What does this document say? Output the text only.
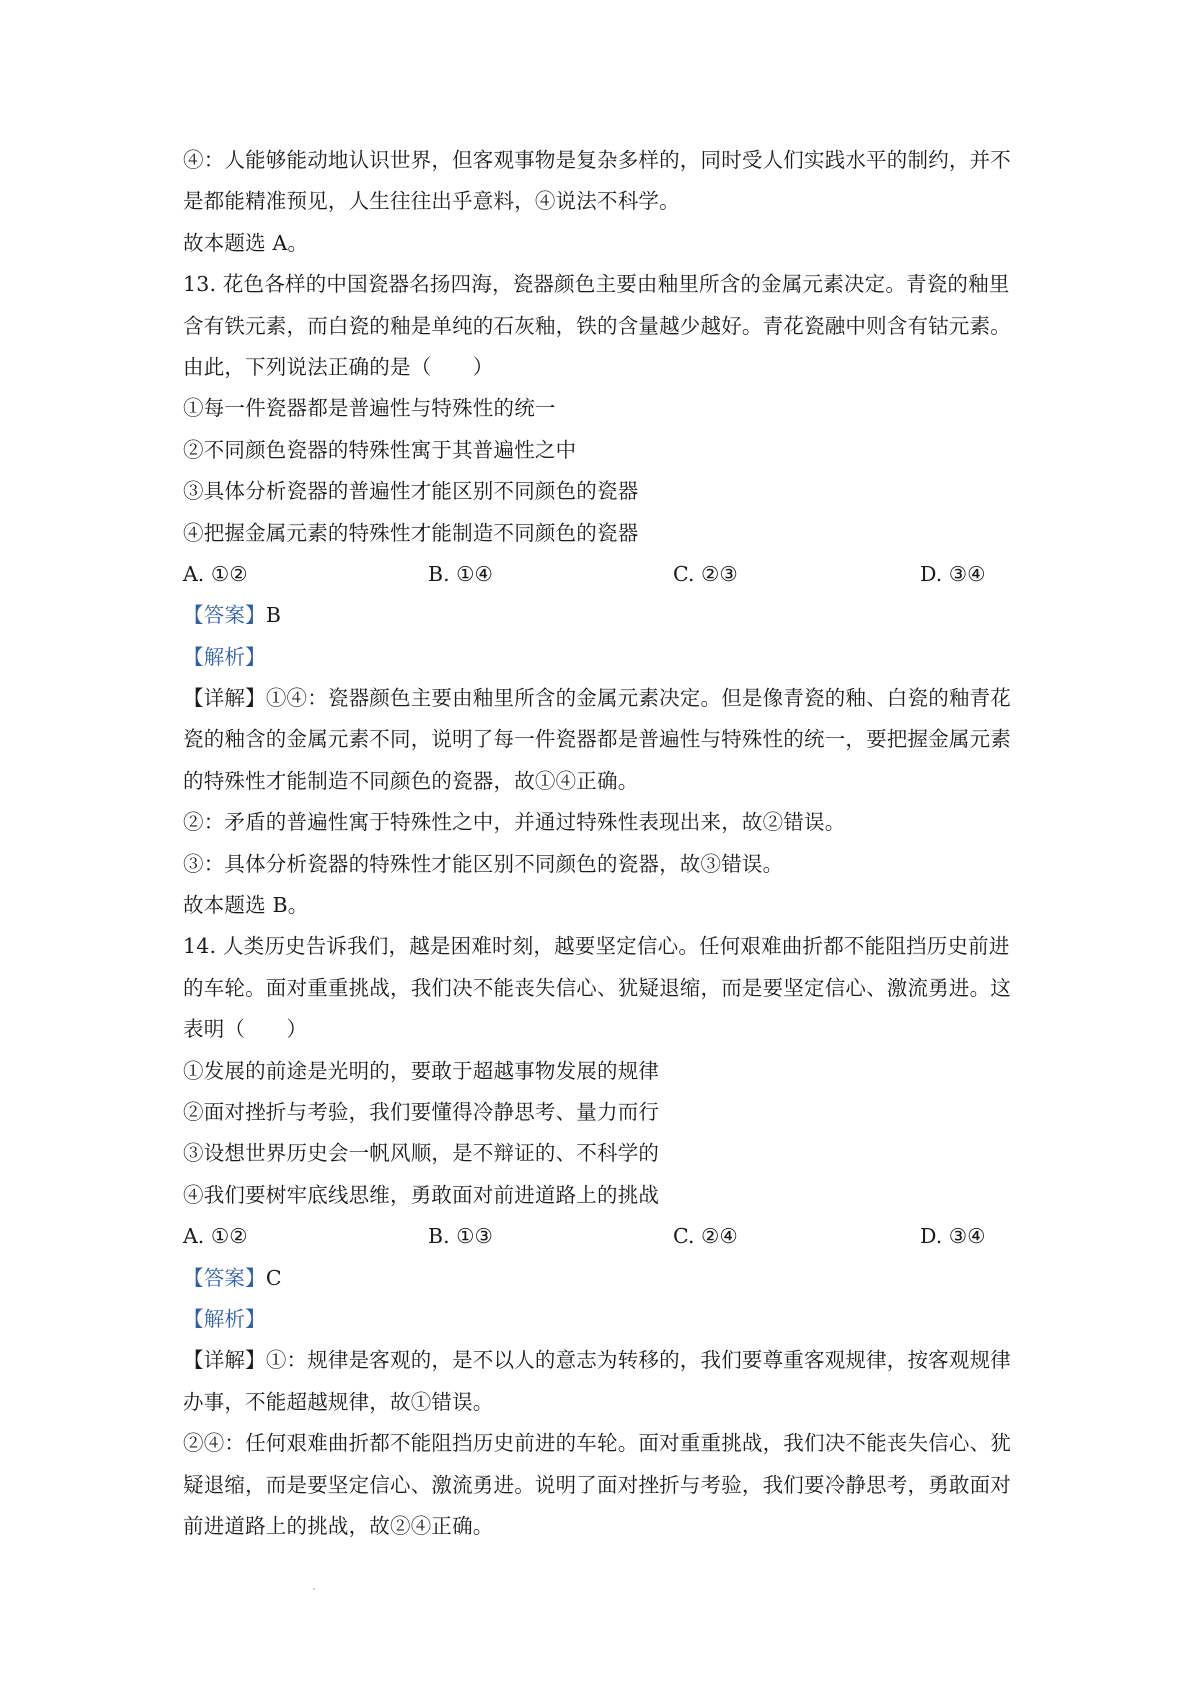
④：人能够能动地认识世界，但客观事物是复杂多样的，同时受人们实践水平的制约，并不
是都能精准预见，人生往往出乎意料，④说法不科学。
故本题选 A。
13. 花色各样的中国瓷器名扬四海，瓷器颜色主要由釉里所含的金属元素决定。青瓷的釉里
含有铁元素，而白瓷的釉是单纯的石灰釉，铁的含量越少越好。青花瓷融中则含有钴元素。
由此，下列说法正确的是（　　）
①每一件瓷器都是普遍性与特殊性的统一
②不同颜色瓷器的特殊性寓于其普遍性之中
③具体分析瓷器的普遍性才能区别不同颜色的瓷器
④把握金属元素的特殊性才能制造不同颜色的瓷器
A. ①②	B. ①④	C. ②③	D. ③④
【答案】B
【解析】
【详解】①④：瓷器颜色主要由釉里所含的金属元素决定。但是像青瓷的釉、白瓷的釉青花
瓷的釉含的金属元素不同，说明了每一件瓷器都是普遍性与特殊性的统一，要把握金属元素
的特殊性才能制造不同颜色的瓷器，故①④正确。
②：矛盾的普遍性寓于特殊性之中，并通过特殊性表现出来，故②错误。
③：具体分析瓷器的特殊性才能区别不同颜色的瓷器，故③错误。
故本题选 B。
14. 人类历史告诉我们，越是困难时刻，越要坚定信心。任何艰难曲折都不能阻挡历史前进
的车轮。面对重重挑战，我们决不能丧失信心、犹疑退缩，而是要坚定信心、激流勇进。这
表明（　　）
①发展的前途是光明的，要敢于超越事物发展的规律
②面对挫折与考验，我们要懂得冷静思考、量力而行
③设想世界历史会一帆风顺，是不辩证的、不科学的
④我们要树牢底线思维，勇敢面对前进道路上的挑战
A. ①②	B. ①③	C. ②④	D. ③④
【答案】C
【解析】
【详解】①：规律是客观的，是不以人的意志为转移的，我们要尊重客观规律，按客观规律
办事，不能超越规律，故①错误。
②④：任何艰难曲折都不能阻挡历史前进的车轮。面对重重挑战，我们决不能丧失信心、犹
疑退缩，而是要坚定信心、激流勇进。说明了面对挫折与考验，我们要冷静思考，勇敢面对
前进道路上的挑战，故②④正确。
